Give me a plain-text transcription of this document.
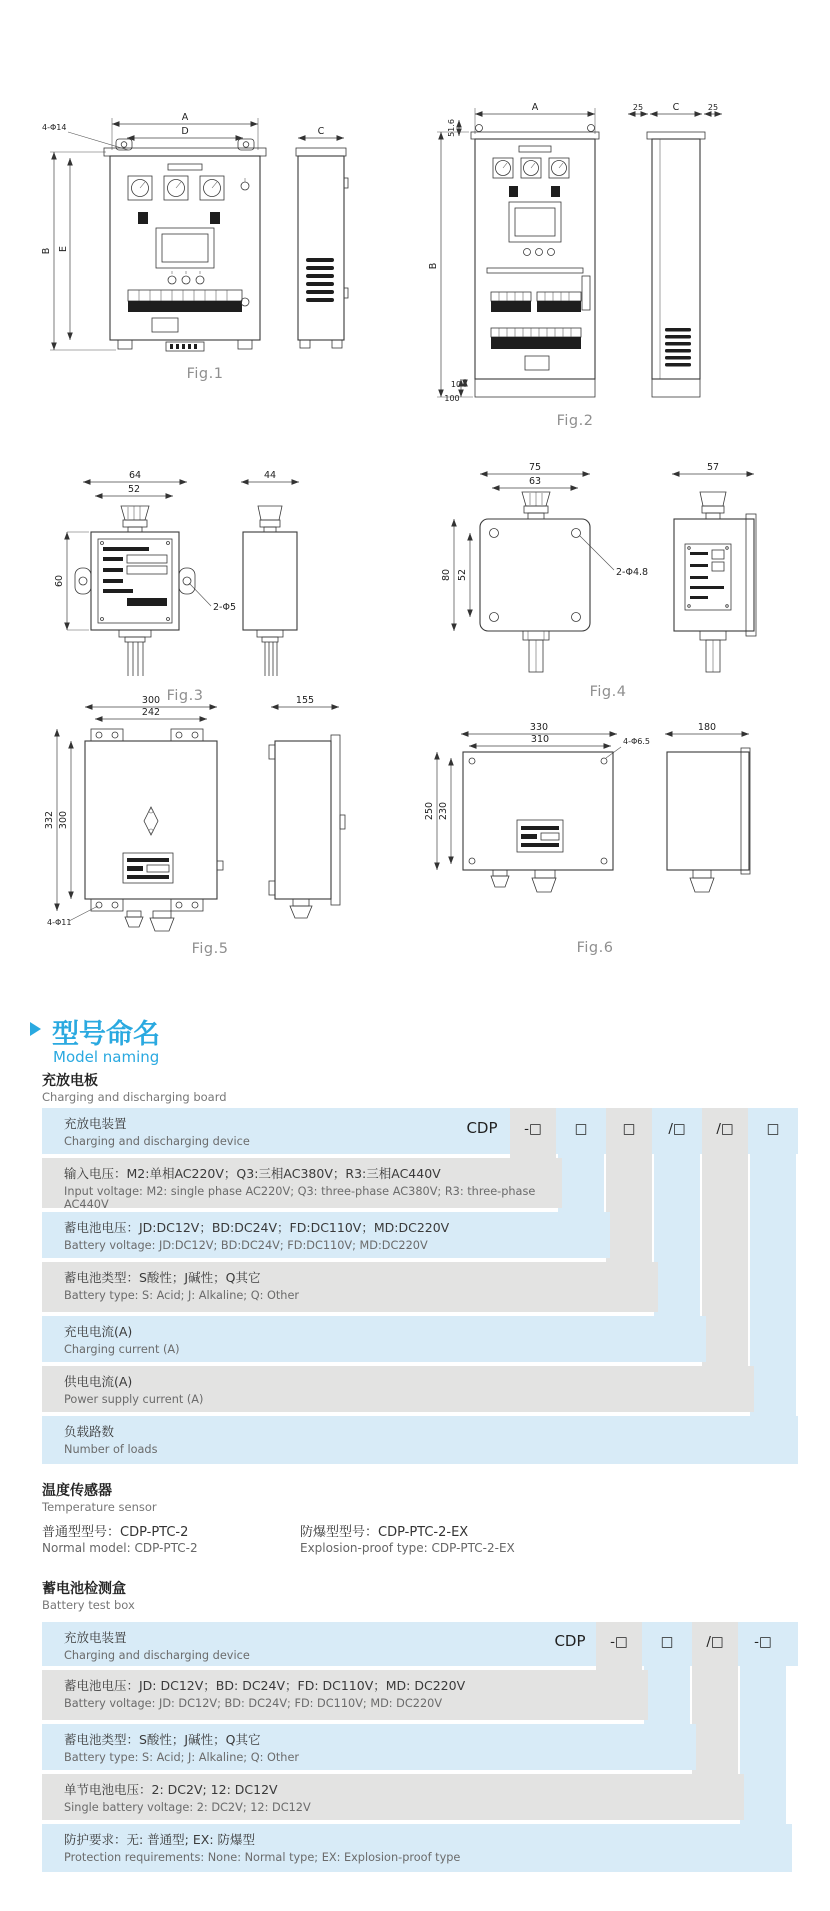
A
D
4-Φ14
B E
C
Fig.1
A
51.6
B
25	C	25
10
100
Fig.2
64
52
60
2-Φ5
44
Fig.3
75
63
80 52	2-Φ4.8
57
Fig.4
300
242
332 300
4-Φ11
155
Fig.5
330
310	4-Φ6.5
250 230
180
Fig.6
型号命名
Model naming
充放电板
Charging and discharging board
充放电装置
Charging and discharging device
输入电压：M2:单相AC220V；Q3:三相AC380V；R3:三相AC440V
Input voltage: M2: single phase AC220V; Q3: three-phase AC380V; R3: three-phase AC440V
蓄电池电压：JD:DC12V；BD:DC24V；FD:DC110V；MD:DC220V
Battery voltage: JD:DC12V; BD:DC24V; FD:DC110V; MD:DC220V
蓄电池类型：S酸性；J碱性；Q其它
Battery type: S: Acid; J: Alkaline; Q: Other
充电电流(A)
Charging current (A)
供电电流(A)
Power supply current (A)
负载路数
Number of loads
CDP -□ □	□ /□ /□ □
温度传感器
Temperature sensor
普通型型号：CDP-PTC-2	防爆型型号：CDP-PTC-2-EX
Normal model: CDP-PTC-2	Explosion-proof type: CDP-PTC-2-EX
蓄电池检测盒
Battery test box
充放电装置
Charging and discharging device
蓄电池电压：JD: DC12V；BD: DC24V；FD: DC110V；MD: DC220V
Battery voltage: JD: DC12V; BD: DC24V; FD: DC110V; MD: DC220V
蓄电池类型：S酸性；J碱性；Q其它
Battery type: S: Acid; J: Alkaline; Q: Other
单节电池电压：2: DC2V; 12: DC12V
Single battery voltage: 2: DC2V; 12: DC12V
防护要求：无: 普通型; EX: 防爆型
Protection requirements: None: Normal type; EX: Explosion-proof type
CDP -□ □ /□ -□
